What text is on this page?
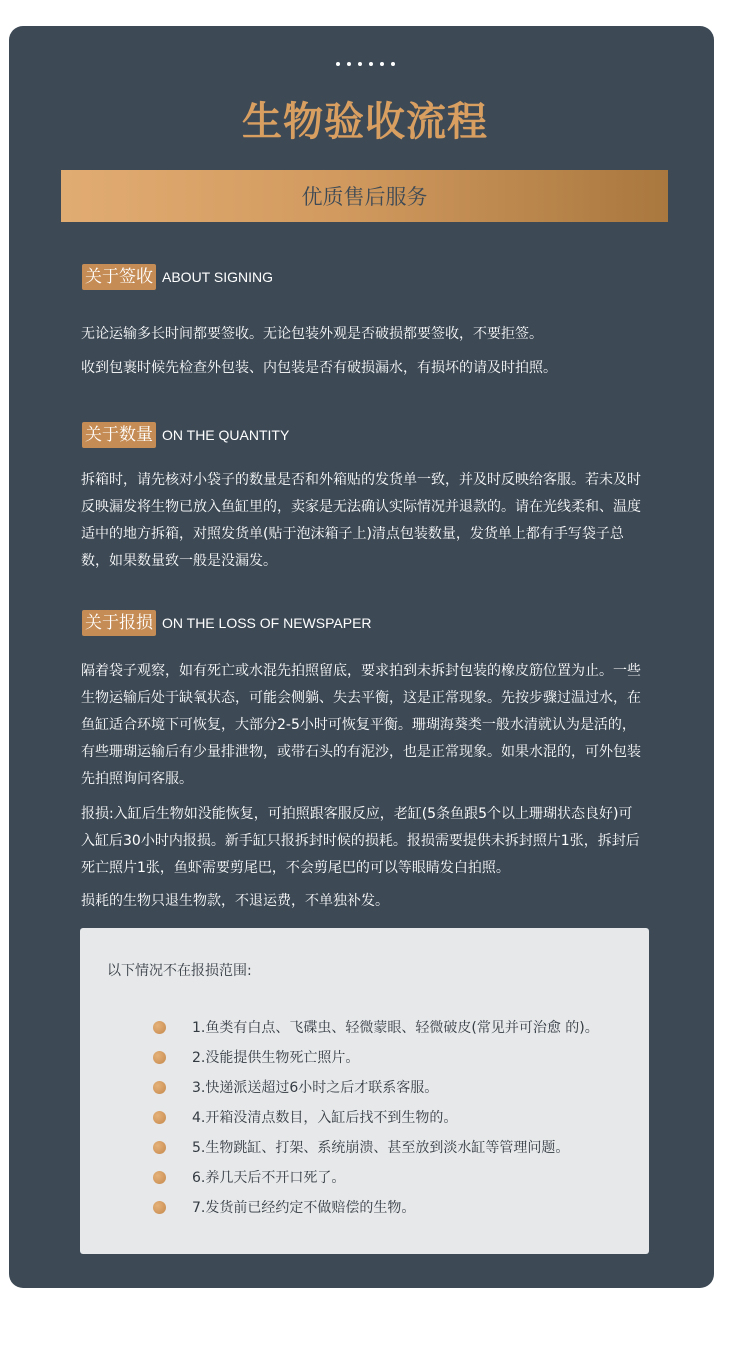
生物验收流程
优质售后服务
关于签收 ABOUT SIGNING

无论运输多长时间都要签收。无论包装外观是否破损都要签收，不要拒签。

收到包裹时候先检查外包装、内包装是否有破损漏水，有损坏的请及时拍照。

关于数量 ON THE QUANTITY

拆箱时，请先核对小袋子的数量是否和外箱贴的发货单一致，并及时反映给客服。若未及时反映漏发将生物已放入鱼缸里的，卖家是无法确认实际情况并退款的。请在光线柔和、温度适中的地方拆箱，对照发货单(贴于泡沫箱子上)清点包装数量，发货单上都有手写袋子总数，如果数量致一般是没漏发。

关于报损 ON THE LOSS OF NEWSPAPER

隔着袋子观察，如有死亡或水混先拍照留底，要求拍到未拆封包装的橡皮筋位置为止。一些生物运输后处于缺氧状态，可能会侧躺、失去平衡，这是正常现象。先按步骤过温过水，在鱼缸适合环境下可恢复，大部分2-5小时可恢复平衡。珊瑚海葵类一般水清就认为是活的，有些珊瑚运输后有少量排泄物，或带石头的有泥沙，也是正常现象。如果水混的，可外包装先拍照询问客服。

报损:入缸后生物如没能恢复，可拍照跟客服反应，老缸(5条鱼跟5个以上珊瑚状态良好)可入缸后30小时内报损。新手缸只报拆封时候的损耗。报损需要提供未拆封照片1张，拆封后死亡照片1张，鱼虾需要剪尾巴，不会剪尾巴的可以等眼睛发白拍照。

损耗的生物只退生物款，不退运费，不单独补发。

以下情况不在报损范围:
1.鱼类有白点、飞碟虫、轻微蒙眼、轻微破皮(常见并可治愈 的)。
2.没能提供生物死亡照片。
3.快递派送超过6小时之后才联系客服。
4.开箱没清点数目，入缸后找不到生物的。
5.生物跳缸、打架、系统崩溃、甚至放到淡水缸等管理问题。
6.养几天后不开口死了。
7.发货前已经约定不做赔偿的生物。
